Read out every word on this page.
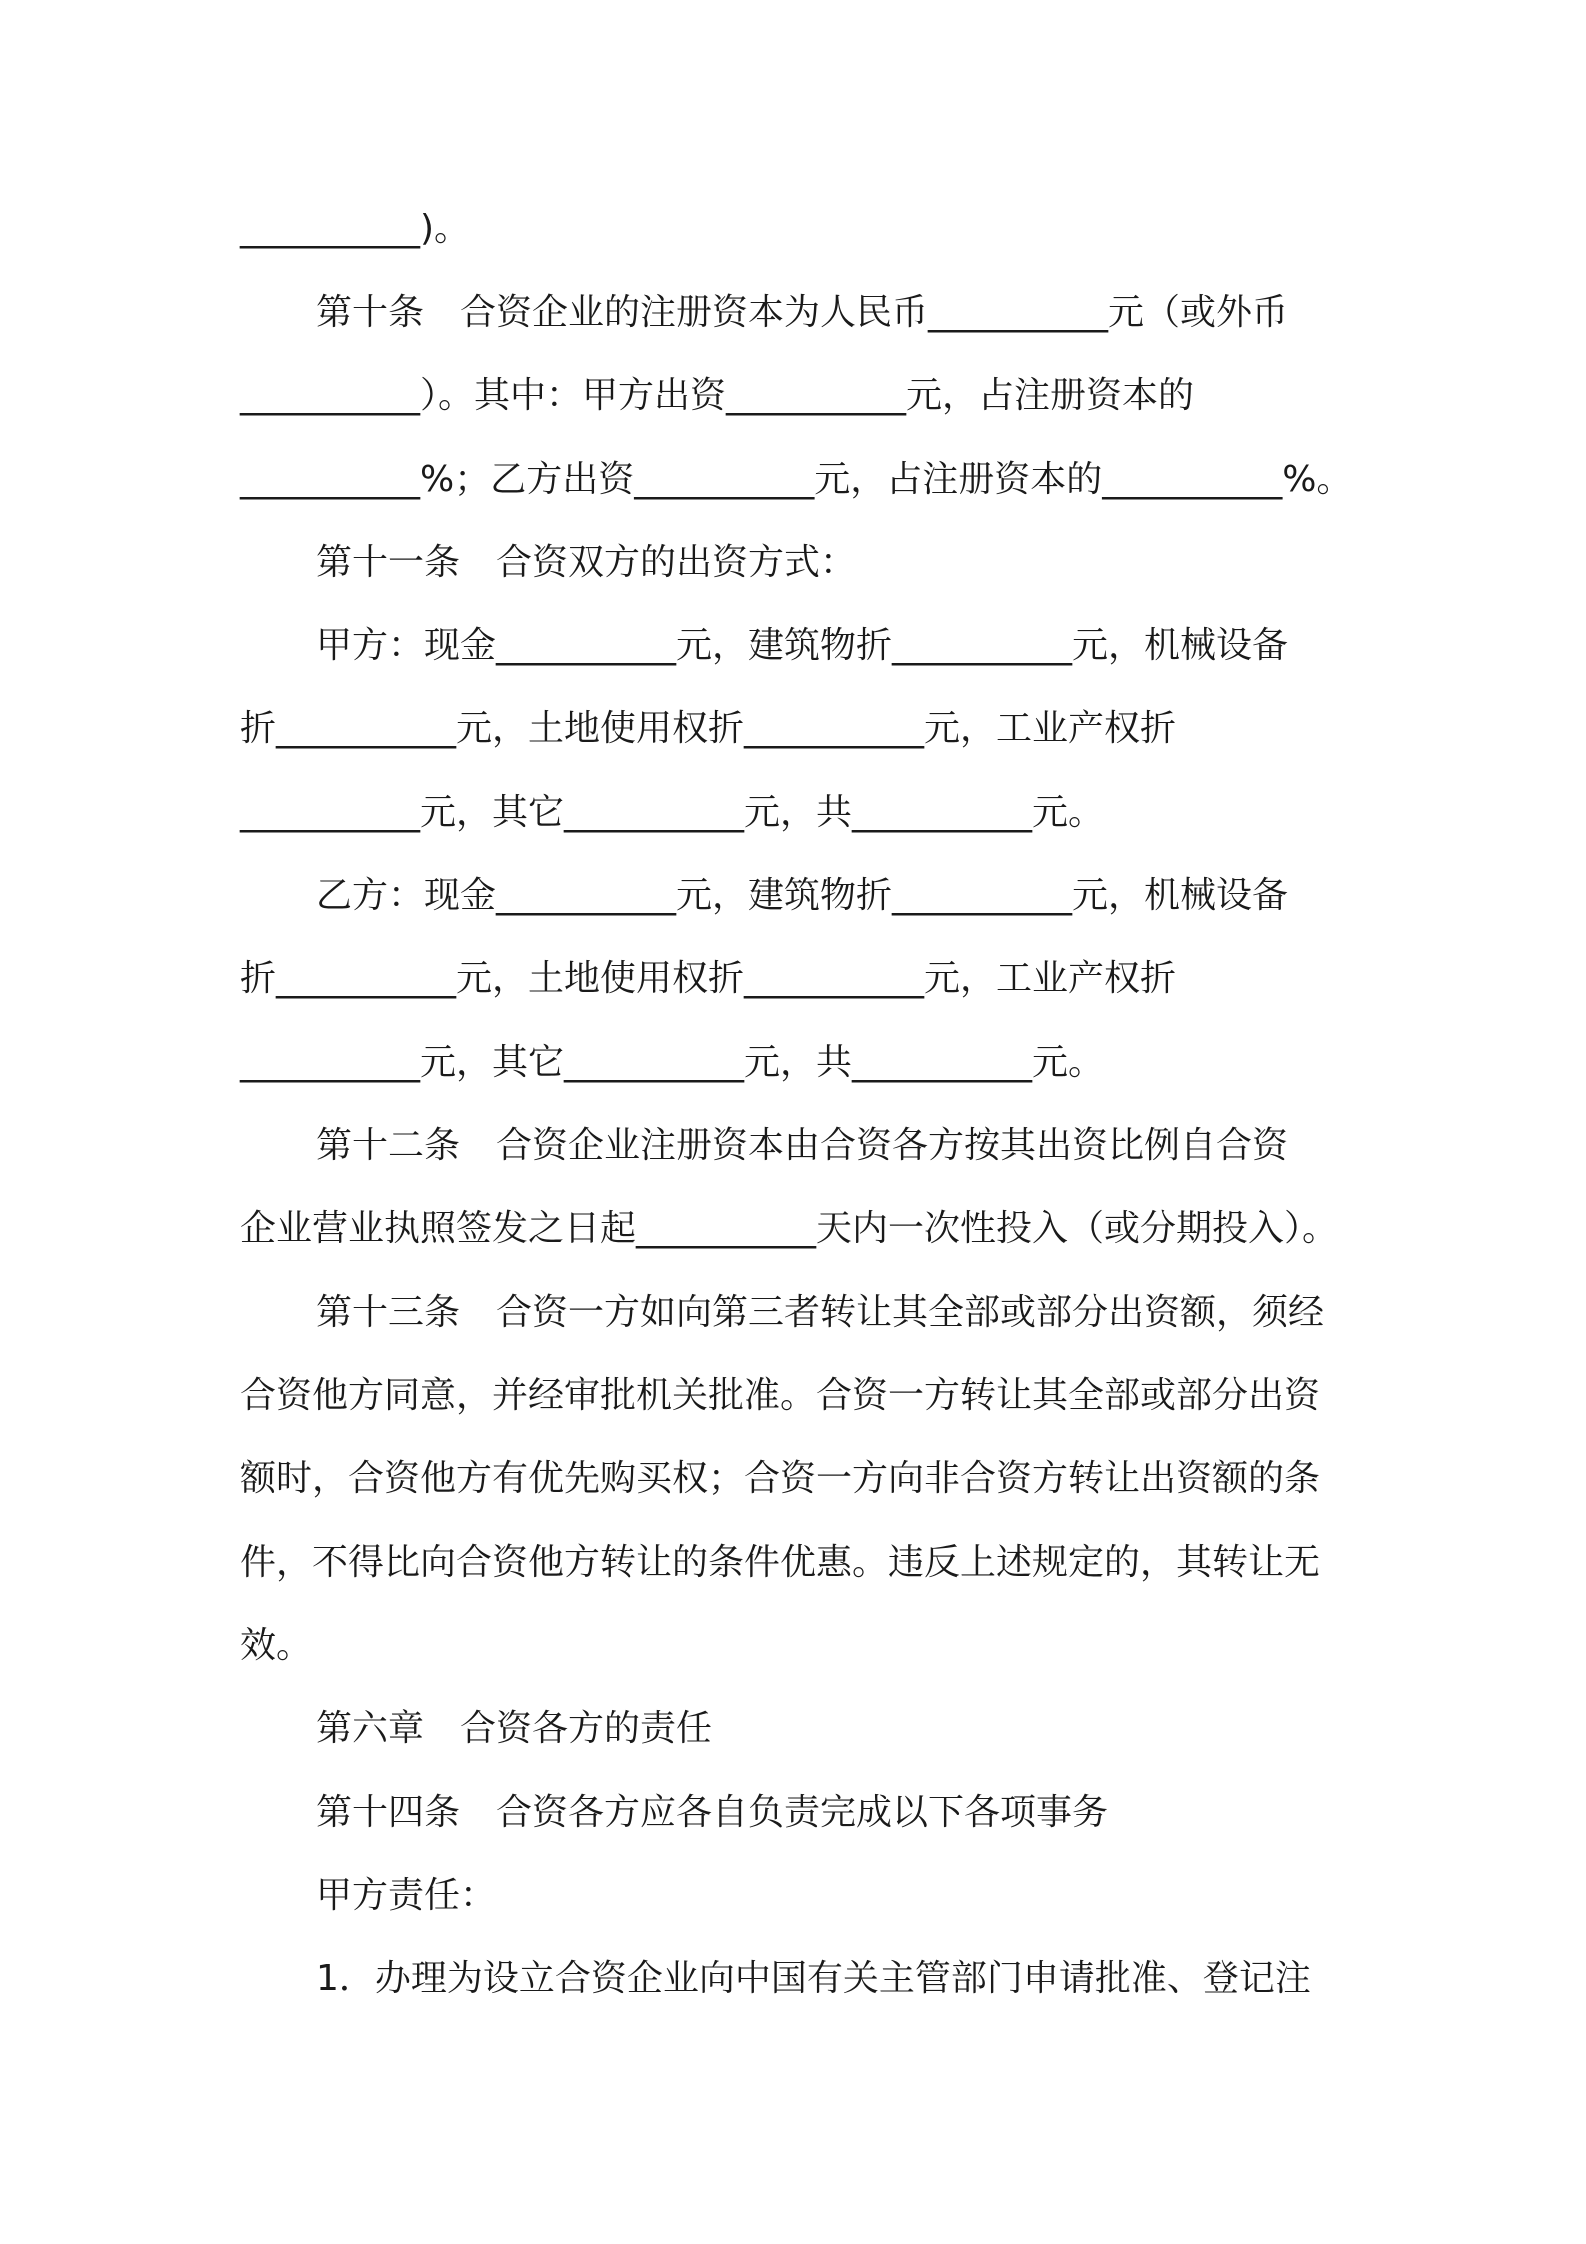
__________)。
第十条　合资企业的注册资本为人民币__________元（或外币
__________）。其中：甲方出资__________元，占注册资本的
__________%；乙方出资__________元，占注册资本的__________%。
第十一条　合资双方的出资方式：
甲方：现金__________元，建筑物折__________元，机械设备
折__________元，土地使用权折__________元，工业产权折
__________元，其它__________元，共__________元。
乙方：现金__________元，建筑物折__________元，机械设备
折__________元，土地使用权折__________元，工业产权折
__________元，其它__________元，共__________元。
第十二条　合资企业注册资本由合资各方按其出资比例自合资
企业营业执照签发之日起__________天内一次性投入（或分期投入）。
第十三条　合资一方如向第三者转让其全部或部分出资额，须经
合资他方同意，并经审批机关批准。合资一方转让其全部或部分出资
额时，合资他方有优先购买权；合资一方向非合资方转让出资额的条
件，不得比向合资他方转让的条件优惠。违反上述规定的，其转让无
效。
第六章　合资各方的责任
第十四条　合资各方应各自负责完成以下各项事务
甲方责任：
1．办理为设立合资企业向中国有关主管部门申请批准、登记注
